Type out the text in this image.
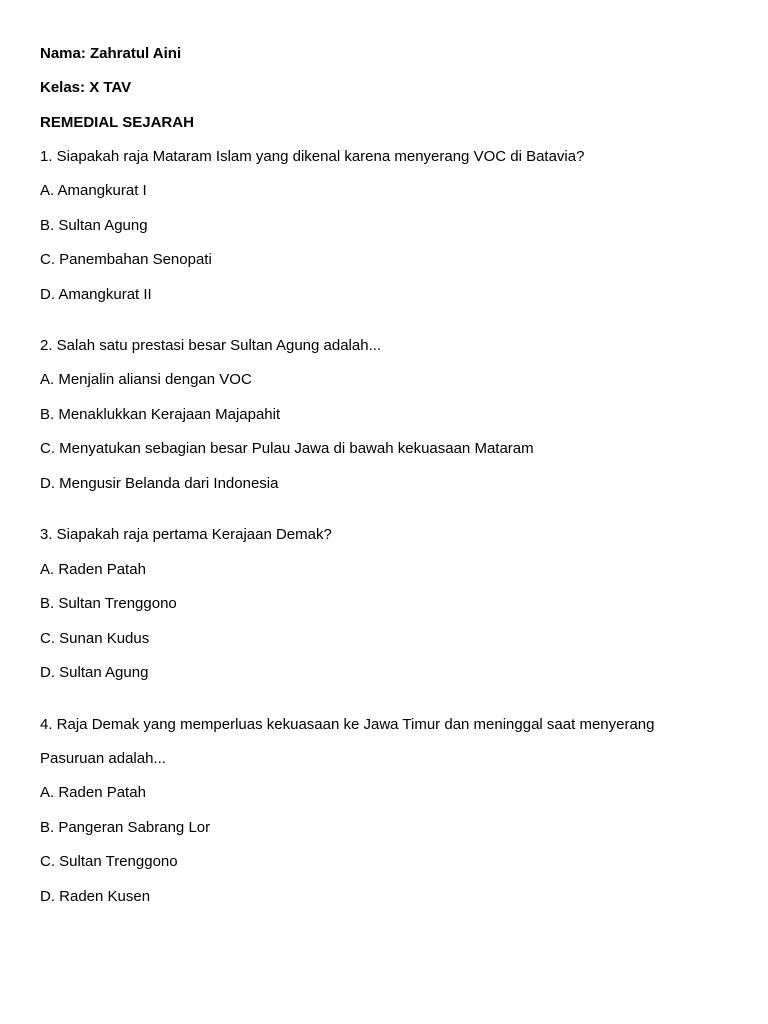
Nama: Zahratul Aini
Kelas: X TAV
REMEDIAL SEJARAH
1. Siapakah raja Mataram Islam yang dikenal karena menyerang VOC di Batavia?
A. Amangkurat I
B. Sultan Agung
C. Panembahan Senopati
D. Amangkurat II
2. Salah satu prestasi besar Sultan Agung adalah...
A. Menjalin aliansi dengan VOC
B. Menaklukkan Kerajaan Majapahit
C. Menyatukan sebagian besar Pulau Jawa di bawah kekuasaan Mataram
D. Mengusir Belanda dari Indonesia
3. Siapakah raja pertama Kerajaan Demak?
A. Raden Patah
B. Sultan Trenggono
C. Sunan Kudus
D. Sultan Agung
4. Raja Demak yang memperluas kekuasaan ke Jawa Timur dan meninggal saat menyerang
Pasuruan adalah...
A. Raden Patah
B. Pangeran Sabrang Lor
C. Sultan Trenggono
D. Raden Kusen
